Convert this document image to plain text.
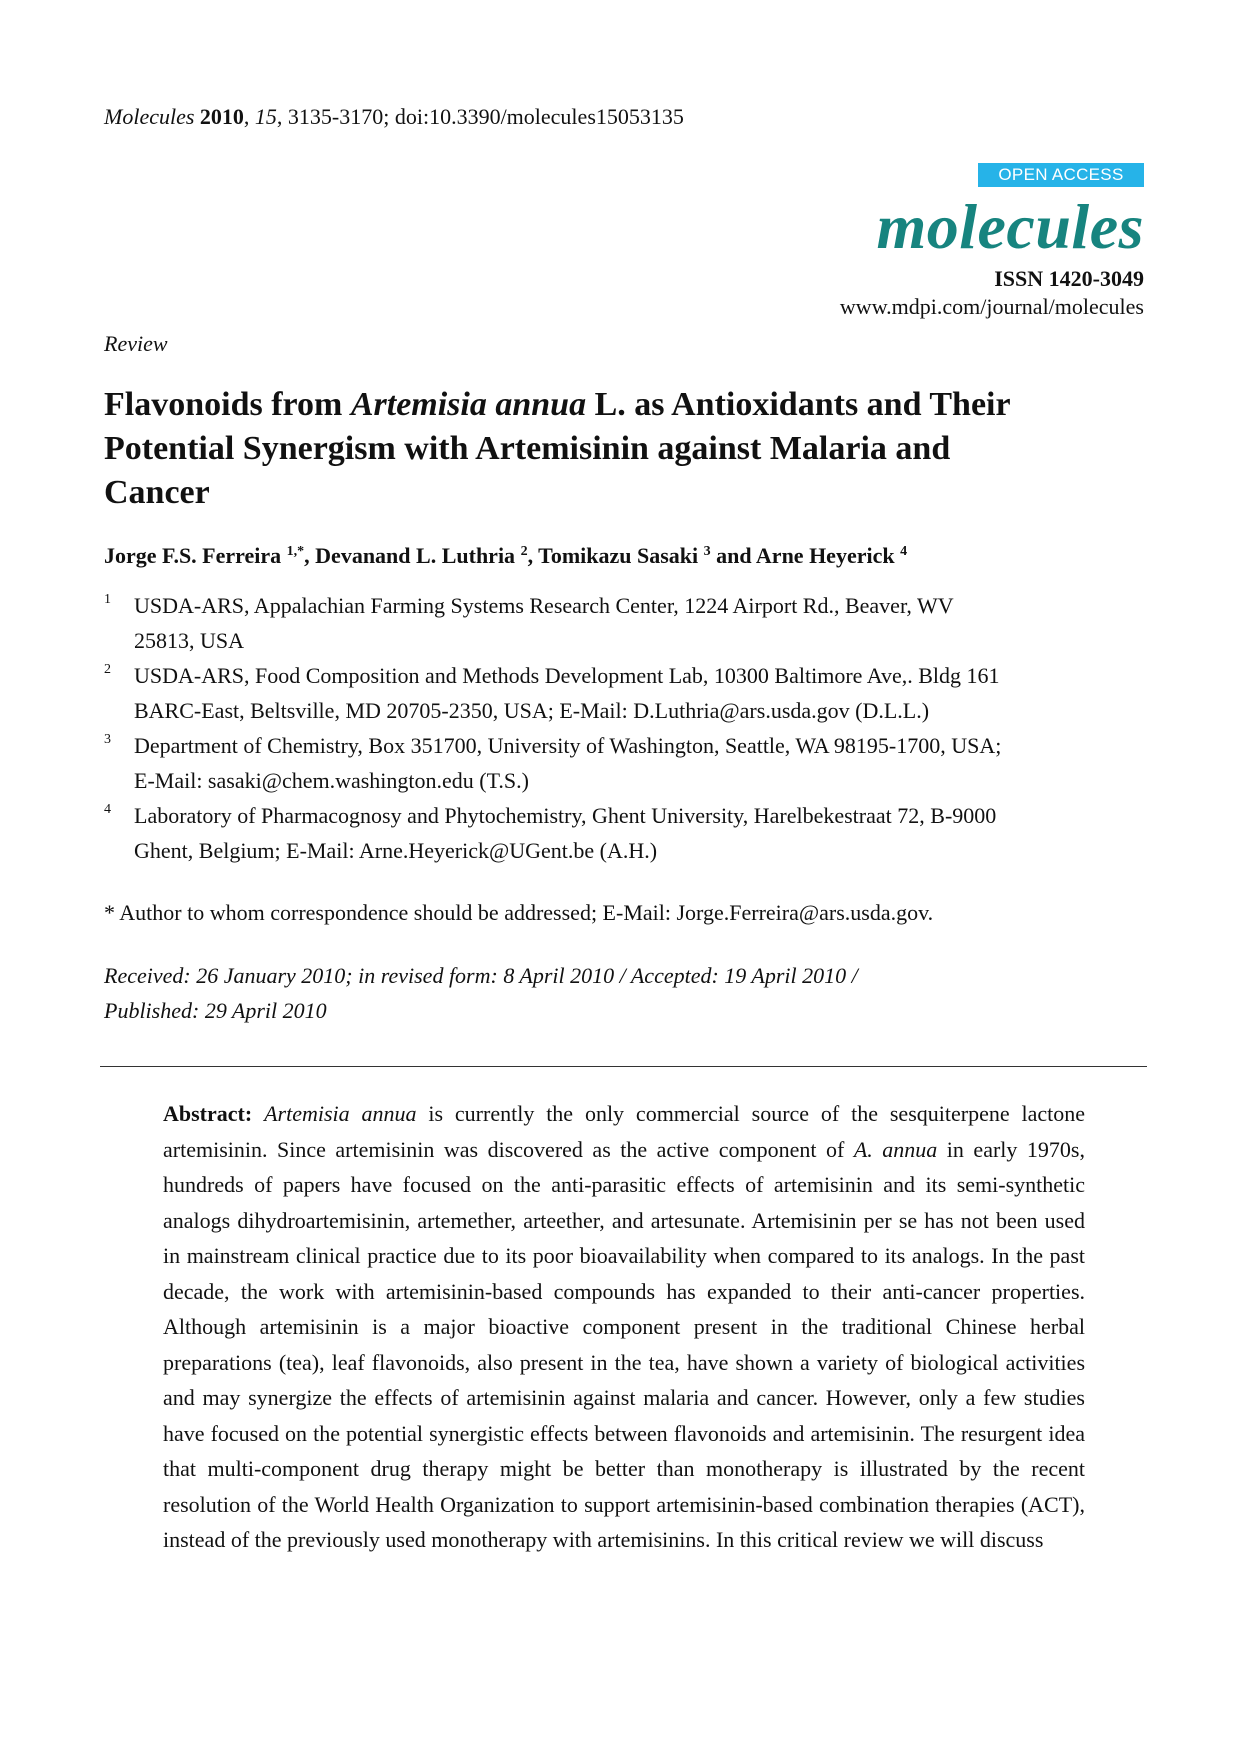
Molecules 2010, 15, 3135-3170; doi:10.3390/molecules15053135
OPEN ACCESS
molecules
ISSN 1420-3049
www.mdpi.com/journal/molecules
Review
Flavonoids from Artemisia annua L. as Antioxidants and Their
Potential Synergism with Artemisinin against Malaria and
Cancer
Jorge F.S. Ferreira $^{1,*}$, Devanand L. Luthria $^2$, Tomikazu Sasaki $^3$ and Arne Heyerick $^4$
1 USDA-ARS, Appalachian Farming Systems Research Center, 1224 Airport Rd., Beaver, WV
25813, USA
2 USDA-ARS, Food Composition and Methods Development Lab, 10300 Baltimore Ave,. Bldg 161
BARC-East, Beltsville, MD 20705-2350, USA; E-Mail: D.Luthria@ars.usda.gov (D.L.L.)
3 Department of Chemistry, Box 351700, University of Washington, Seattle, WA 98195-1700, USA;
E-Mail: sasaki@chem.washington.edu (T.S.)
4 Laboratory of Pharmacognosy and Phytochemistry, Ghent University, Harelbekestraat 72, B-9000
Ghent, Belgium; E-Mail: Arne.Heyerick@UGent.be (A.H.)
* Author to whom correspondence should be addressed; E-Mail: Jorge.Ferreira@ars.usda.gov.
Received: 26 January 2010; in revised form: 8 April 2010 / Accepted: 19 April 2010 /
Published: 29 April 2010
Abstract: Artemisia annua is currently the only commercial source of the sesquiterpene lactone artemisinin. Since artemisinin was discovered as the active component of A. annua in early 1970s, hundreds of papers have focused on the anti-parasitic effects of artemisinin and its semi-synthetic analogs dihydroartemisinin, artemether, arteether, and artesunate. Artemisinin per se has not been used in mainstream clinical practice due to its poor bioavailability when compared to its analogs. In the past decade, the work with artemisinin-based compounds has expanded to their anti-cancer properties. Although artemisinin is a major bioactive component present in the traditional Chinese herbal preparations (tea), leaf flavonoids, also present in the tea, have shown a variety of biological activities and may synergize the effects of artemisinin against malaria and cancer. However, only a few studies have focused on the potential synergistic effects between flavonoids and artemisinin. The resurgent idea that multi-component drug therapy might be better than monotherapy is illustrated by the recent resolution of the World Health Organization to support artemisinin-based combination therapies (ACT), instead of the previously used monotherapy with artemisinins. In this critical review we will discuss
